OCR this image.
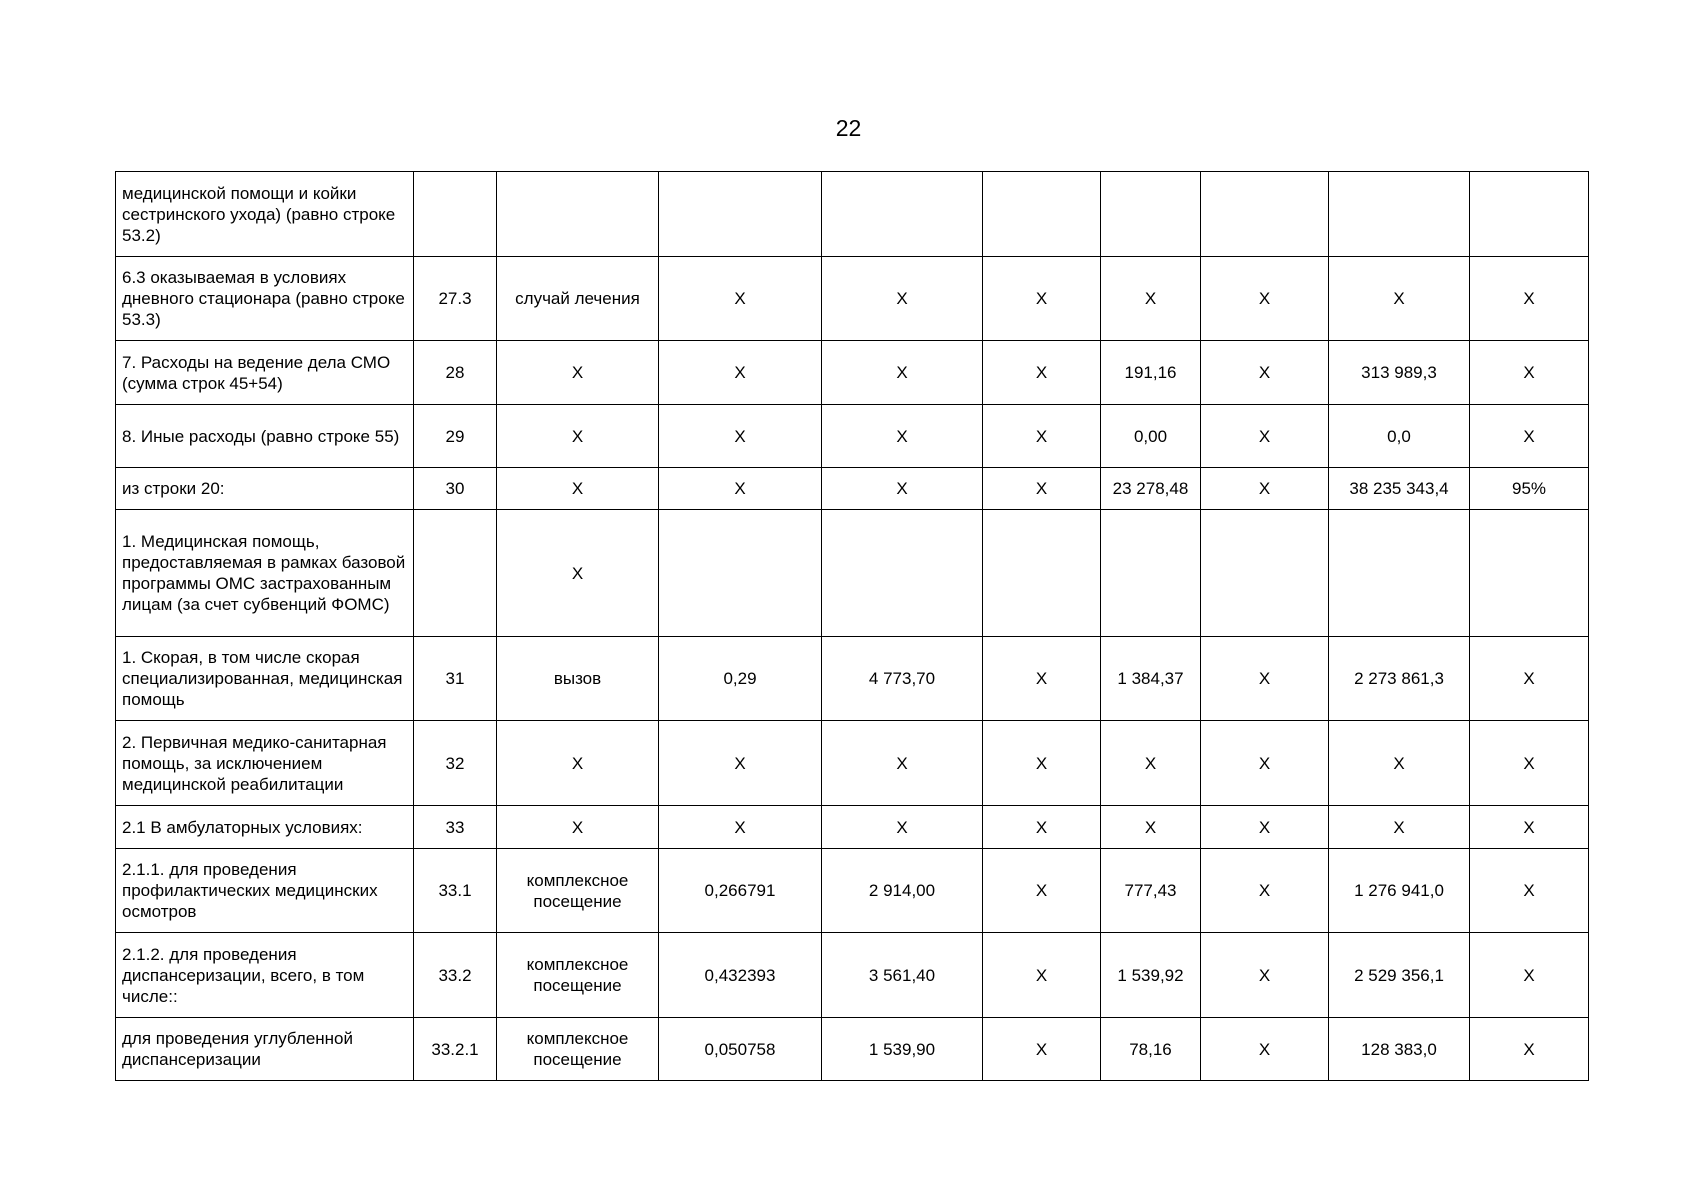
22
медицинской помощи и койки сестринского ухода) (равно строке 53.2)									
6.3 оказываемая в условиях дневного стационара (равно строке 53.3)	27.3	случай лечения	Х	Х	Х	Х	Х	Х	Х
7. Расходы на ведение дела СМО (сумма строк 45+54)	28	Х	Х	Х	Х	191,16	Х	313 989,3	Х
8. Иные расходы (равно строке 55)	29	Х	Х	Х	Х	0,00	Х	0,0	Х
из строки 20:	30	Х	Х	Х	Х	23 278,48	Х	38 235 343,4	95%
1. Медицинская помощь, предоставляемая в рамках базовой программы ОМС застрахованным лицам (за счет субвенций ФОМС)		Х							
1. Скорая, в том числе скорая специализированная, медицинская помощь	31	вызов	0,29	4 773,70	Х	1 384,37	Х	2 273 861,3	Х
2. Первичная медико-санитарная помощь, за исключением медицинской реабилитации	32	Х	Х	Х	Х	Х	Х	Х	Х
2.1 В амбулаторных условиях:	33	Х	Х	Х	Х	Х	Х	Х	Х
2.1.1. для проведения профилактических медицинских осмотров	33.1	комплексное посещение	0,266791	2 914,00	Х	777,43	Х	1 276 941,0	Х
2.1.2. для проведения диспансеризации, всего, в том числе::	33.2	комплексное посещение	0,432393	3 561,40	Х	1 539,92	Х	2 529 356,1	Х
для проведения углубленной диспансеризации	33.2.1	комплексное посещение	0,050758	1 539,90	Х	78,16	Х	128 383,0	Х
